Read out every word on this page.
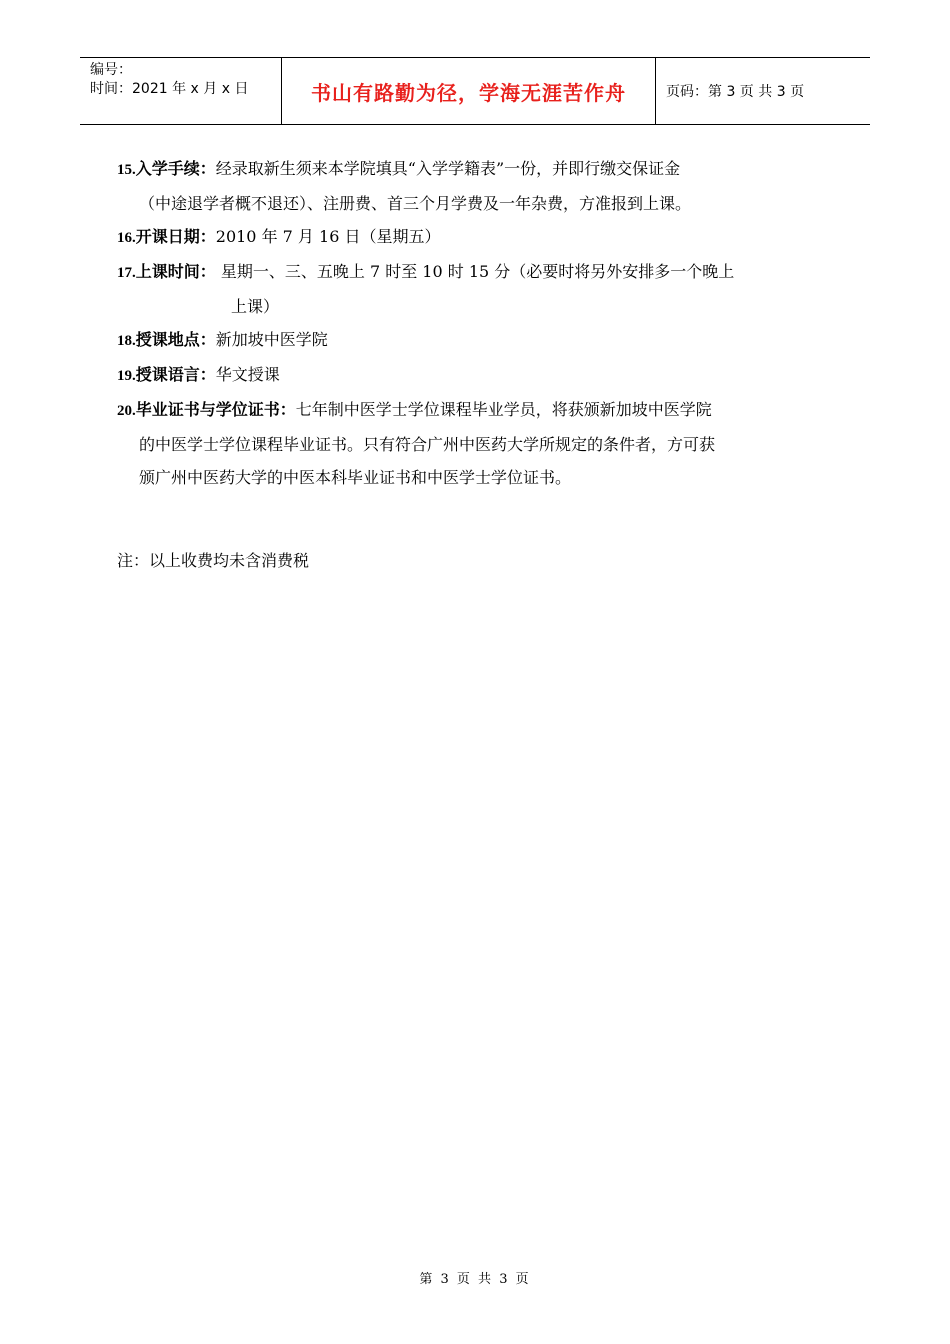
编号：
时间：2021 年 x 月 x 日	书山有路勤为径，学海无涯苦作舟	页码：第 3 页 共 3 页
15.入学手续：经录取新生须来本学院填具“入学学籍表”一份，并即行缴交保证金
（中途退学者概不退还）、注册费、首三个月学费及一年杂费，方准报到上课。
16.开课日期：2010 年 7 月 16 日（星期五）
17.上课时间： 星期一、三、五晚上 7 时至 10 时 15 分（必要时将另外安排多一个晚上
上课）
18.授课地点：新加坡中医学院
19.授课语言：华文授课
20.毕业证书与学位证书：七年制中医学士学位课程毕业学员，将获颁新加坡中医学院
的中医学士学位课程毕业证书。只有符合广州中医药大学所规定的条件者，方可获
颁广州中医药大学的中医本科毕业证书和中医学士学位证书。
注：以上收费均未含消费税
第 3 页 共 3 页
